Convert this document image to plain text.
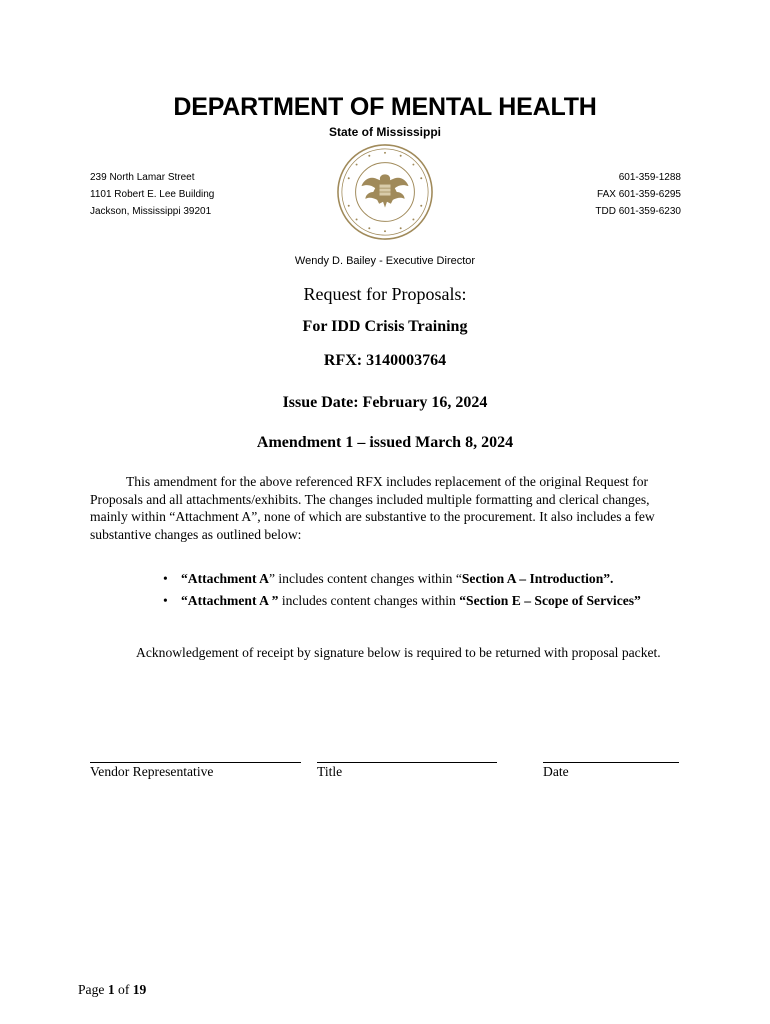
DEPARTMENT OF MENTAL HEALTH
State of Mississippi
239 North Lamar Street
1101 Robert E. Lee Building
Jackson, Mississippi 39201
601-359-1288
FAX 601-359-6295
TDD 601-359-6230
Wendy D. Bailey - Executive Director
Request for Proposals:
For IDD Crisis Training
RFX: 3140003764
Issue Date: February 16, 2024
Amendment 1 – issued March 8, 2024
This amendment for the above referenced RFX includes replacement of the original Request for Proposals and all attachments/exhibits. The changes included multiple formatting and clerical changes, mainly within “Attachment A”, none of which are substantive to the procurement. It also includes a few substantive changes as outlined below:
• “Attachment A” includes content changes within “Section A – Introduction”.
• “Attachment A ” includes content changes within “Section E – Scope of Services”
Acknowledgement of receipt by signature below is required to be returned with proposal packet.
Vendor Representative	Title	Date
Page 1 of 19
